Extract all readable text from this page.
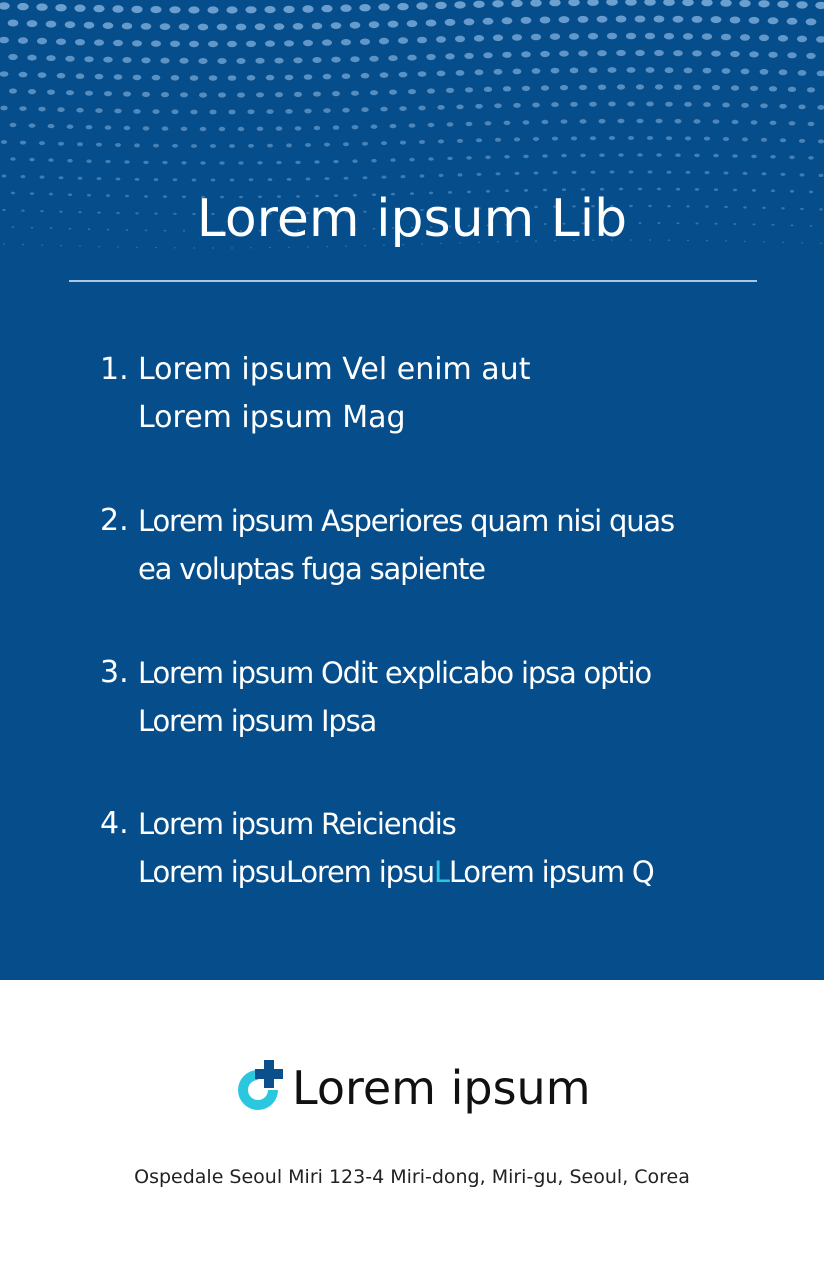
Lorem ipsum Lib
1. Lorem ipsum Vel enim aut
Lorem ipsum Mag
2. Lorem ipsum Asperiores quam nisi quas
ea voluptas fuga sapiente
3. Lorem ipsum Odit explicabo ipsa optio
Lorem ipsum Ipsa
4. Lorem ipsum Reiciendis
Lorem ipsuLorem ipsuLLorem ipsum Q
Lorem ipsum
Ospedale Seoul Miri 123-4 Miri-dong, Miri-gu, Seoul, Corea
